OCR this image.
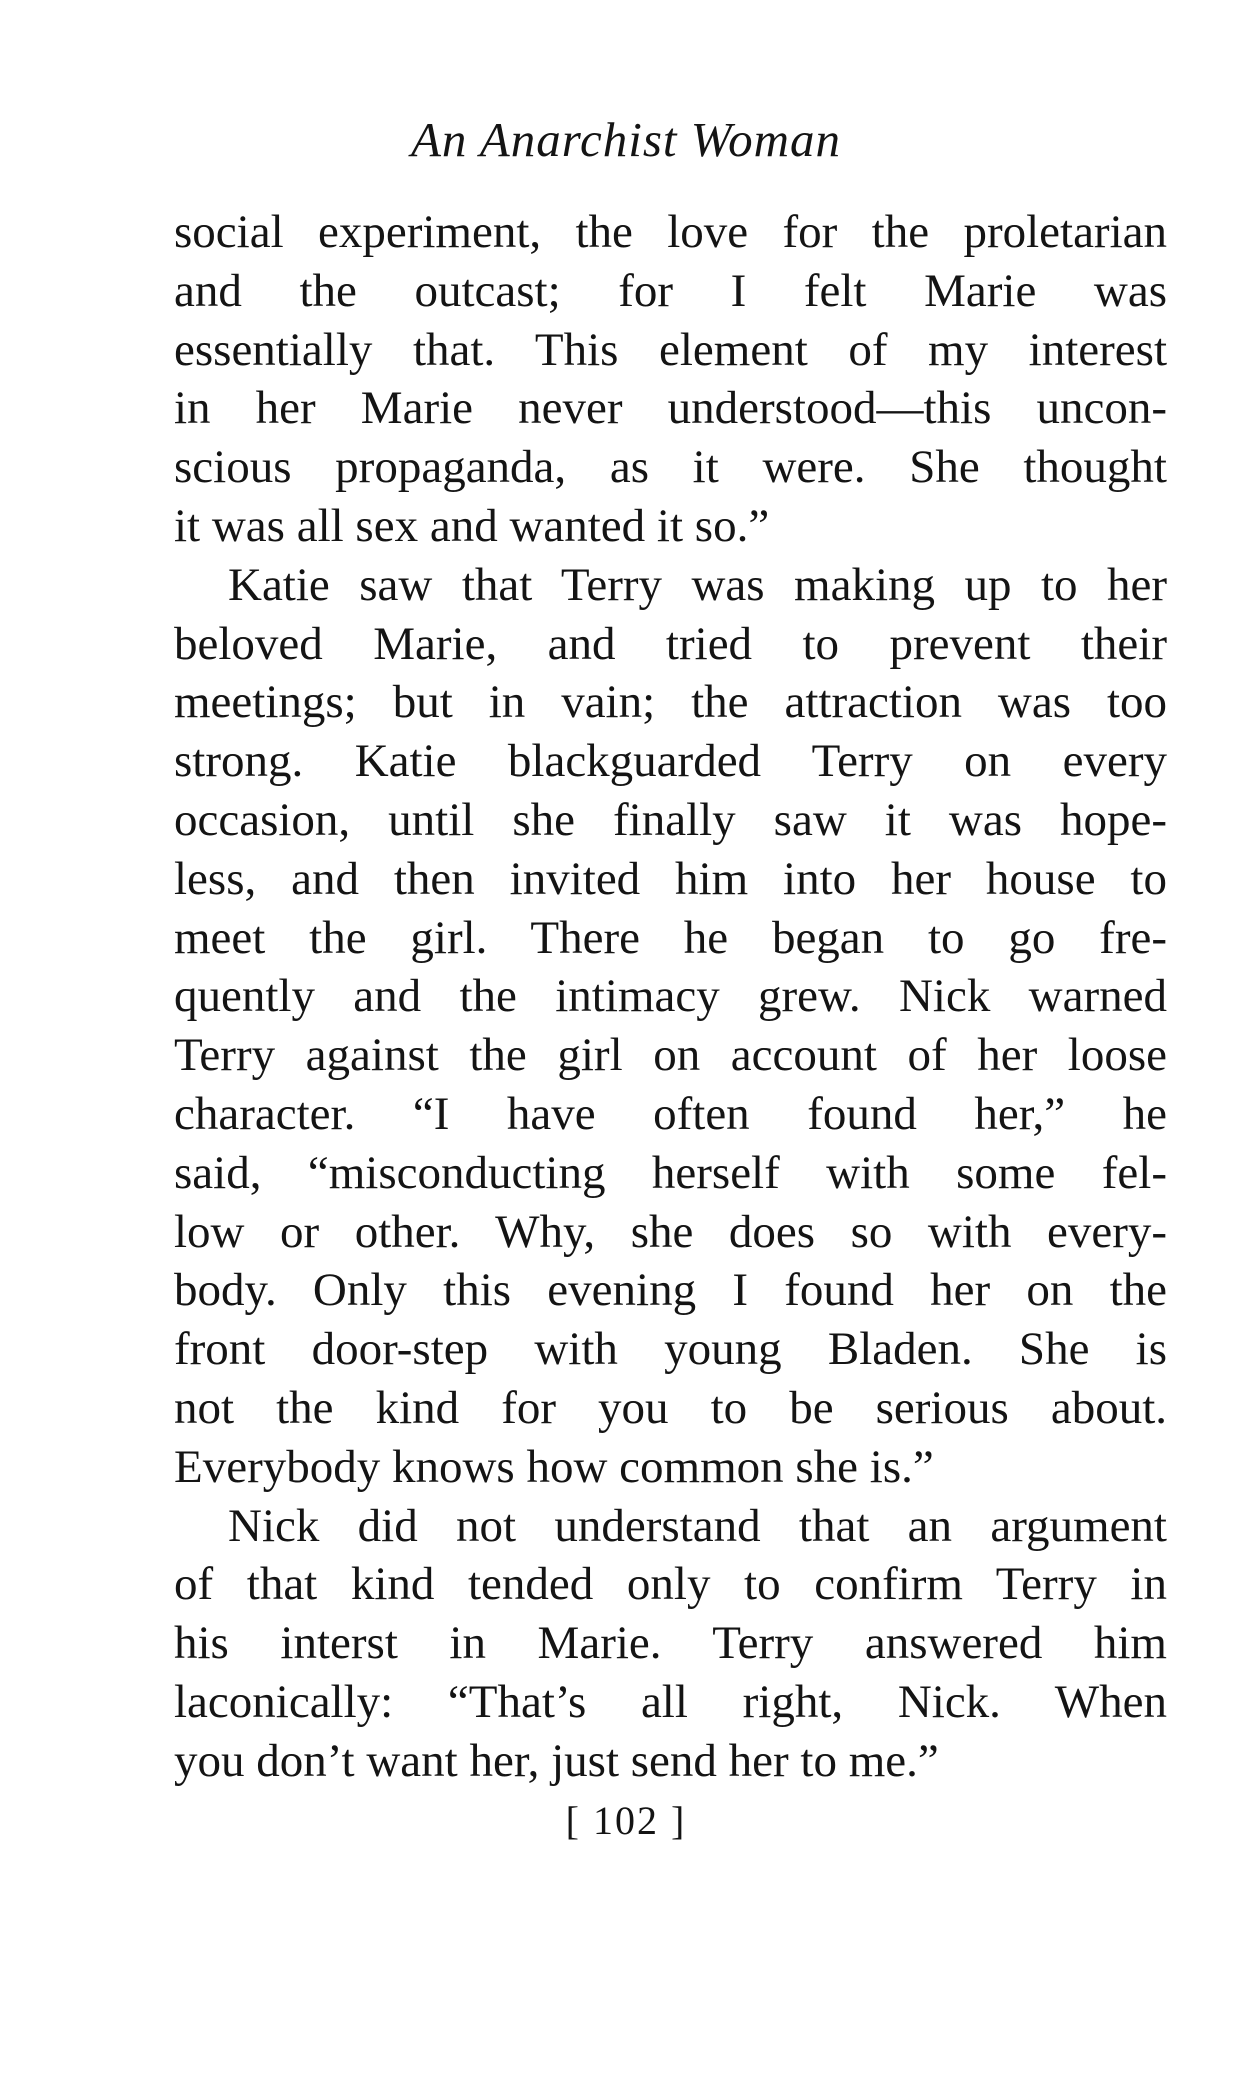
An Anarchist Woman
social experiment, the love for the proletarian
and the outcast; for I felt Marie was
essentially that. This element of my interest
in her Marie never understood—this uncon-
scious propaganda, as it were. She thought
it was all sex and wanted it so.”
Katie saw that Terry was making up to her
beloved Marie, and tried to prevent their
meetings; but in vain; the attraction was too
strong. Katie blackguarded Terry on every
occasion, until she finally saw it was hope-
less, and then invited him into her house to
meet the girl. There he began to go fre-
quently and the intimacy grew. Nick warned
Terry against the girl on account of her loose
character. “I have often found her,” he
said, “misconducting herself with some fel-
low or other. Why, she does so with every-
body. Only this evening I found her on the
front door-step with young Bladen. She is
not the kind for you to be serious about.
Everybody knows how common she is.”
Nick did not understand that an argument
of that kind tended only to confirm Terry in
his interst in Marie. Terry answered him
laconically: “That’s all right, Nick. When
you don’t want her, just send her to me.”
[ 102 ]
